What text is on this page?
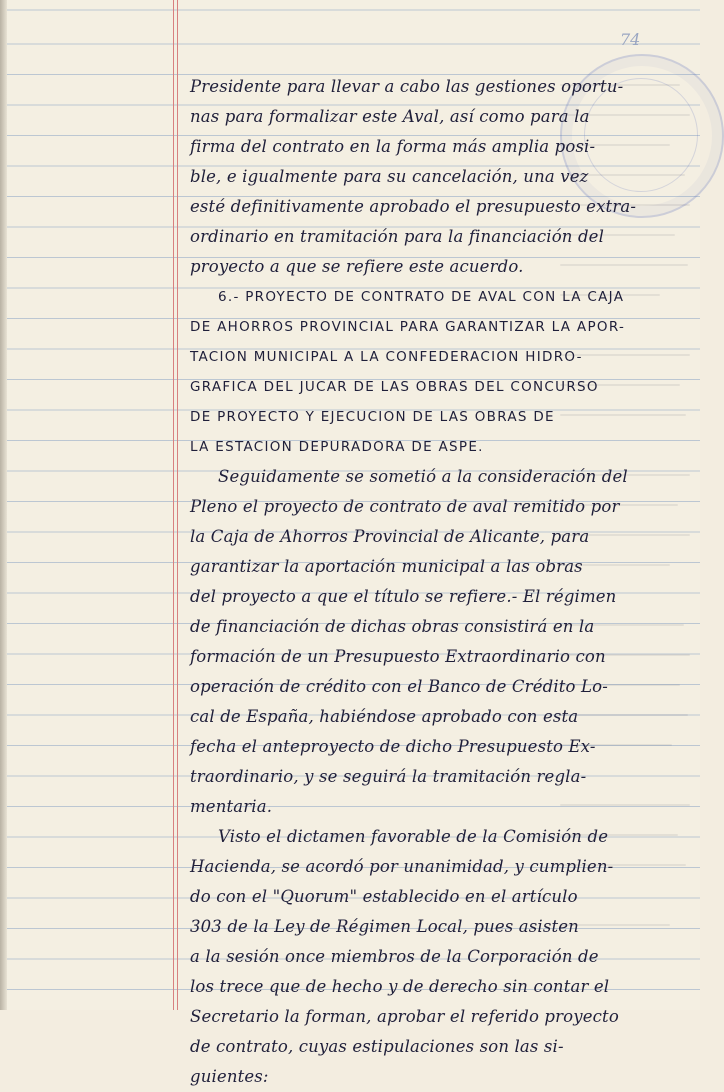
74
Presidente para llevar a cabo las gestiones oportu-
nas para formalizar este Aval, así como para la
firma del contrato en la forma más amplia posi-
ble, e igualmente para su cancelación, una vez
esté definitivamente aprobado el presupuesto extra-
ordinario en tramitación para la financiación del
proyecto a que se refiere este acuerdo.
6.- PROYECTO DE CONTRATO DE AVAL CON LA CAJA
DE AHORROS PROVINCIAL PARA GARANTIZAR LA APOR-
TACION MUNICIPAL A LA CONFEDERACION HIDRO-
GRAFICA DEL JUCAR DE LAS OBRAS DEL CONCURSO
DE PROYECTO Y EJECUCION DE LAS OBRAS DE
LA ESTACION DEPURADORA DE ASPE.
Seguidamente se sometió a la consideración del
Pleno el proyecto de contrato de aval remitido por
la Caja de Ahorros Provincial de Alicante, para
garantizar la aportación municipal a las obras
del proyecto a que el título se refiere.- El régimen
de financiación de dichas obras consistirá en la
formación de un Presupuesto Extraordinario con
operación de crédito con el Banco de Crédito Lo-
cal de España, habiéndose aprobado con esta
fecha el anteproyecto de dicho Presupuesto Ex-
traordinario, y se seguirá la tramitación regla-
mentaria.
Visto el dictamen favorable de la Comisión de
Hacienda, se acordó por unanimidad, y cumplien-
do con el "Quorum" establecido en el artículo
303 de la Ley de Régimen Local, pues asisten
a la sesión once miembros de la Corporación de
los trece que de hecho y de derecho sin contar el
Secretario la forman, aprobar el referido proyecto
de contrato, cuyas estipulaciones son las si-
guientes:
